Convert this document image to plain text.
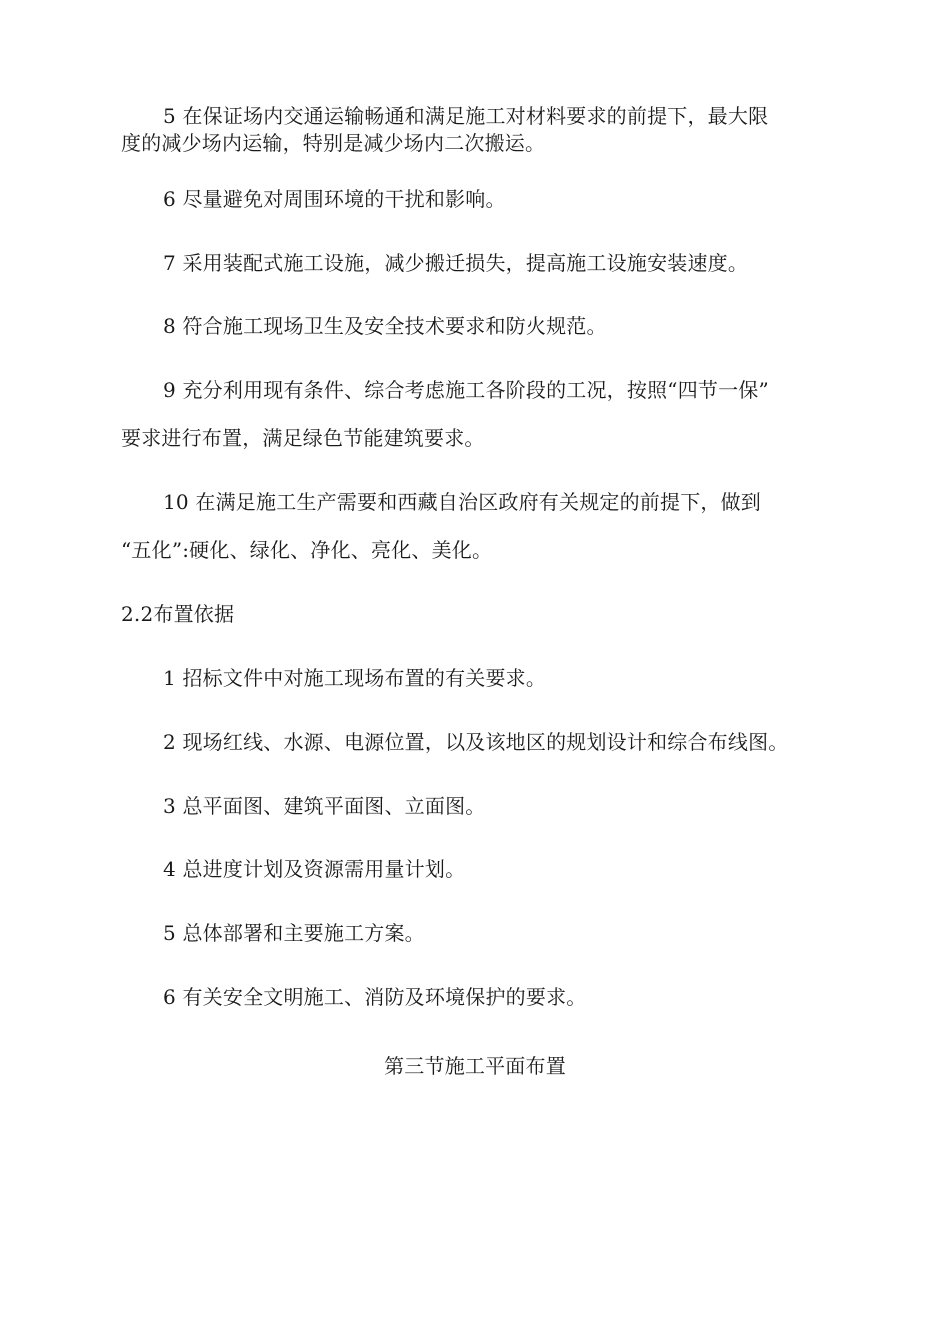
5 在保证场内交通运输畅通和满足施工对材料要求的前提下，最大限
度的减少场内运输，特别是减少场内二次搬运。
6 尽量避免对周围环境的干扰和影响。
7 采用装配式施工设施，减少搬迁损失，提高施工设施安装速度。
8 符合施工现场卫生及安全技术要求和防火规范。
9 充分利用现有条件、综合考虑施工各阶段的工况，按照“四节一保”
要求进行布置，满足绿色节能建筑要求。
10 在满足施工生产需要和西藏自治区政府有关规定的前提下，做到
“五化”:硬化、绿化、净化、亮化、美化。
2.2布置依据
1 招标文件中对施工现场布置的有关要求。
2 现场红线、水源、电源位置，以及该地区的规划设计和综合布线图。
3 总平面图、建筑平面图、立面图。
4 总进度计划及资源需用量计划。
5 总体部署和主要施工方案。
6 有关安全文明施工、消防及环境保护的要求。
第三节施工平面布置
